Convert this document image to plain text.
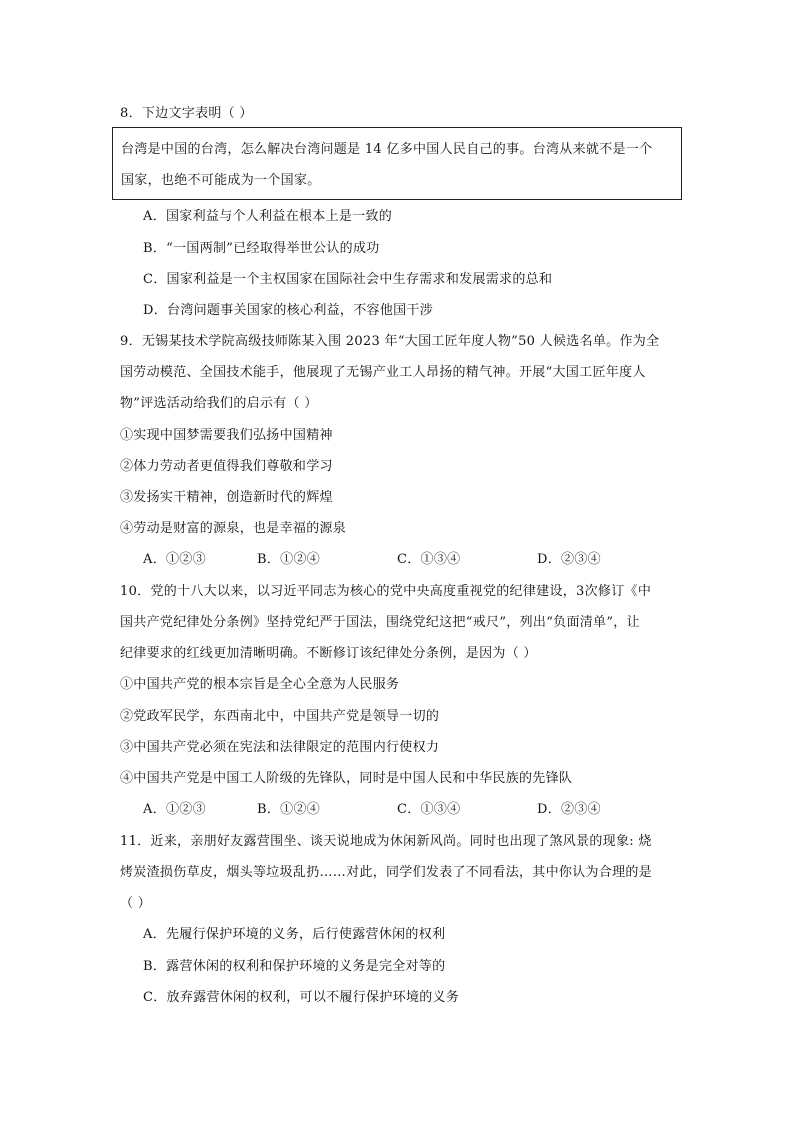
8．下边文字表明（ ）
台湾是中国的台湾，怎么解决台湾问题是 14 亿多中国人民自己的事。台湾从来就不是一个
国家，也绝不可能成为一个国家。
A．国家利益与个人利益在根本上是一致的
B．“一国两制”已经取得举世公认的成功
C．国家利益是一个主权国家在国际社会中生存需求和发展需求的总和
D．台湾问题事关国家的核心利益，不容他国干涉
9．无锡某技术学院高级技师陈某入围 2023 年“大国工匠年度人物”50 人候选名单。作为全
国劳动模范、全国技术能手，他展现了无锡产业工人昂扬的精气神。开展“大国工匠年度人
物”评选活动给我们的启示有（ ）
①实现中国梦需要我们弘扬中国精神
②体力劳动者更值得我们尊敬和学习
③发扬实干精神，创造新时代的辉煌
④劳动是财富的源泉，也是幸福的源泉
A．①②③	B．①②④	C．①③④	D．②③④
10．党的十八大以来，以习近平同志为核心的党中央高度重视党的纪律建设，3次修订《中
国共产党纪律处分条例》坚持党纪严于国法，围绕党纪这把“戒尺”，列出“负面清单”，让
纪律要求的红线更加清晰明确。不断修订该纪律处分条例，是因为（ ）
①中国共产党的根本宗旨是全心全意为人民服务
②党政军民学，东西南北中，中国共产党是领导一切的
③中国共产党必须在宪法和法律限定的范围内行使权力
④中国共产党是中国工人阶级的先锋队，同时是中国人民和中华民族的先锋队
A．①②③	B．①②④	C．①③④	D．②③④
11．近来，亲朋好友露营围坐、谈天说地成为休闲新风尚。同时也出现了煞风景的现象: 烧
烤炭渣损伤草皮，烟头等垃圾乱扔……对此，同学们发表了不同看法，其中你认为合理的是
（ ）
A．先履行保护环境的义务，后行使露营休闲的权利
B．露营休闲的权利和保护环境的义务是完全对等的
C．放弃露营休闲的权利，可以不履行保护环境的义务
